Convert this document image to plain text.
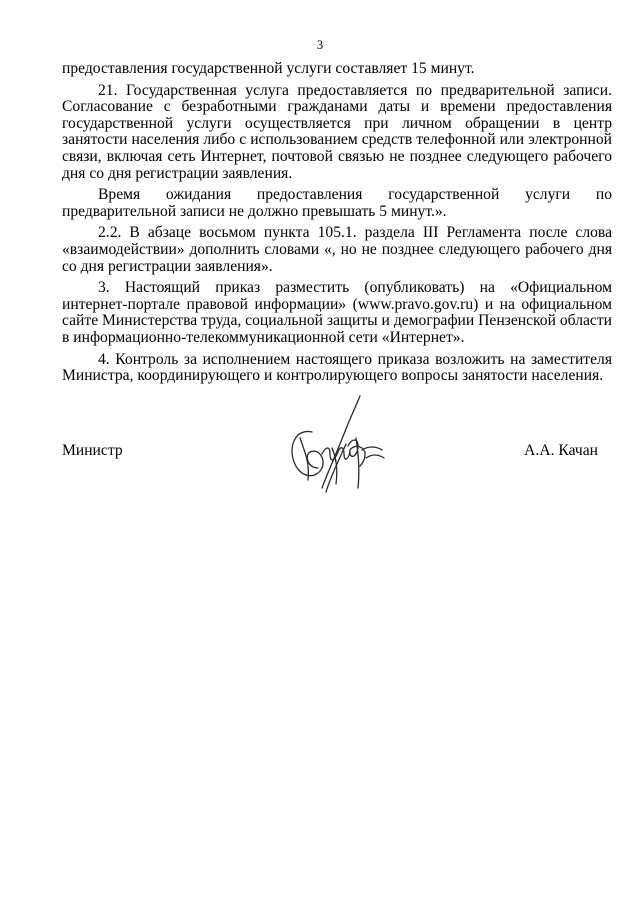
3

предоставления государственной услуги составляет 15 минут.

21. Государственная услуга предоставляется по предварительной записи. Согласование с безработными гражданами даты и времени предоставления государственной услуги осуществляется при личном обращении в центр занятости населения либо с использованием средств телефонной или электронной связи, включая сеть Интернет, почтовой связью не позднее следующего рабочего дня со дня регистрации заявления.

Время ожидания предоставления государственной услуги по предварительной записи не должно превышать 5 минут.».

2.2. В абзаце восьмом пункта 105.1. раздела III Регламента после слова «взаимодействии» дополнить словами «, но не позднее следующего рабочего дня со дня регистрации заявления».

3. Настоящий приказ разместить (опубликовать) на «Официальном интернет-портале правовой информации» (www.pravo.gov.ru) и на официальном сайте Министерства труда, социальной защиты и демографии Пензенской области в информационно-телекоммуникационной сети «Интернет».

4. Контроль за исполнением настоящего приказа возложить на заместителя Министра, координирующего и контролирующего вопросы занятости населения.

Министр	А.А. Качан
